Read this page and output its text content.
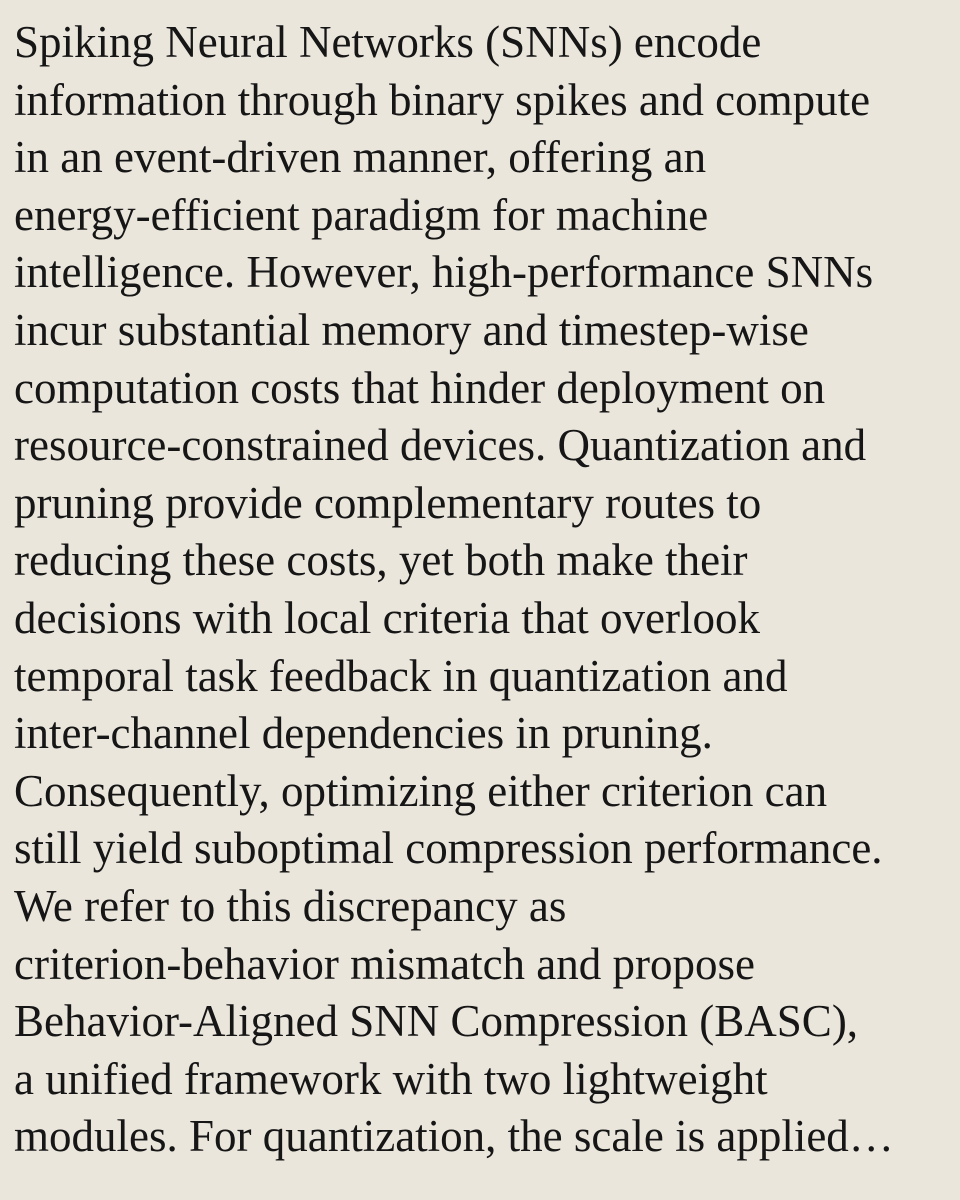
Spiking Neural Networks (SNNs) encode
information through binary spikes and compute
in an event-driven manner, offering an
energy-efficient paradigm for machine
intelligence. However, high-performance SNNs
incur substantial memory and timestep-wise
computation costs that hinder deployment on
resource-constrained devices. Quantization and
pruning provide complementary routes to
reducing these costs, yet both make their
decisions with local criteria that overlook
temporal task feedback in quantization and
inter-channel dependencies in pruning.
Consequently, optimizing either criterion can
still yield suboptimal compression performance.
We refer to this discrepancy as
criterion-behavior mismatch and propose
Behavior-Aligned SNN Compression (BASC),
a unified framework with two lightweight
modules. For quantization, the scale is applied…
